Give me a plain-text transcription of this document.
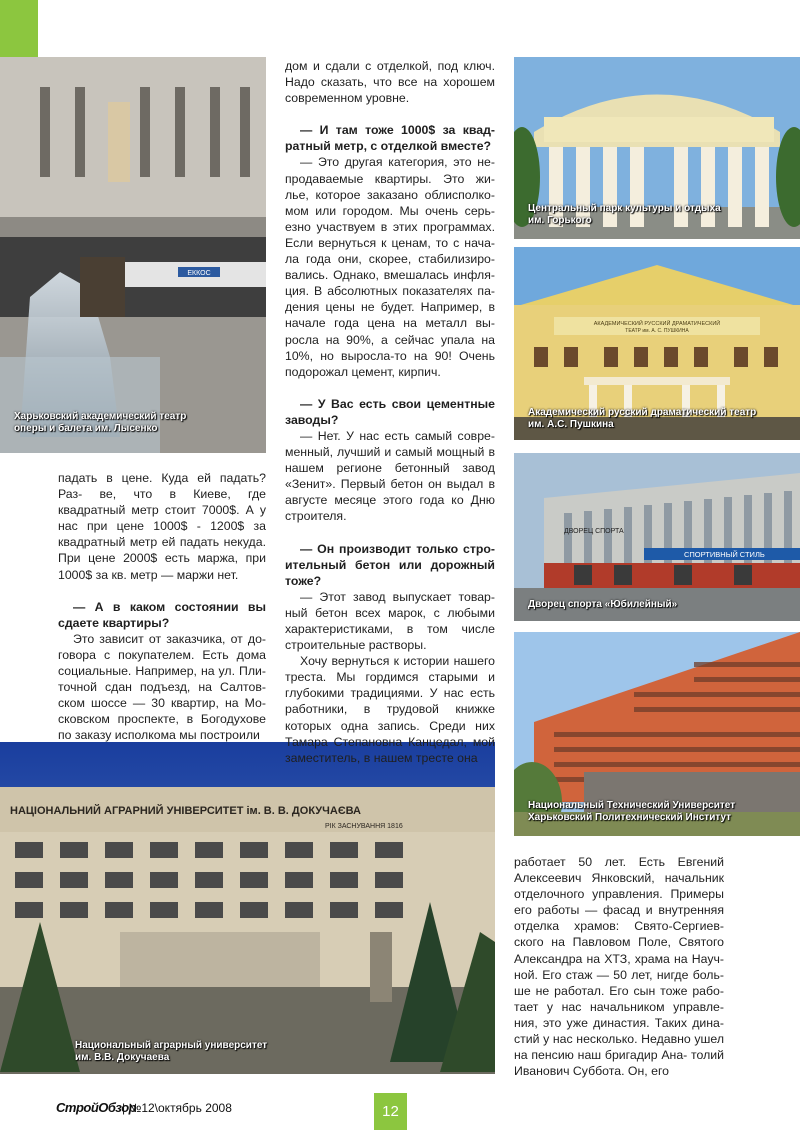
ЕККОС
Харьковский академический театр
оперы и балета им. Лысенко
Центральный парк культуры и отдыха
им. Горького
АКАДЕМИЧЕСКИЙ РУССКИЙ ДРАМАТИЧЕСКИЙ
ТЕАТР им. А. С. ПУШКИНА
Академический русский драматический театр
им. А.С. Пушкина
ДВОРЕЦ СПОРТА
СПОРТИВНЫЙ СТИЛЬ
Дворец спорта «Юбилейный»
Национальный Технический Университет
Харьковский Политехнический Институт
НАЦІОНАЛЬНИЙ АГРАРНИЙ УНІВЕРСИТЕТ ім. В. В. ДОКУЧАЄВА
РІК ЗАСНУВАННЯ 1816
Национальный аграрный университет
им. В.В. Докучаева

падать в цене. Куда ей падать? Раз- ве, что в Киеве, где квадратный метр стоит 7000$. А у нас при цене 1000$ - 1200$ за квадратный метр ей падать некуда. При цене 2000$ есть маржа, при 1000$ за кв. метр — маржи нет.

— А в каком состоянии вы сдаете квартиры?

Это зависит от заказчика, от до- говора с покупателем. Есть дома социальные. Например, на ул. Пли- точной сдан подъезд, на Салтов- ском шоссе — 30 квартир, на Мо- сковском проспекте, в Богодухове по заказу исполкома мы построили

дом и сдали с отделкой, под ключ. Надо сказать, что все на хорошем современном уровне.

— И там тоже 1000$ за квад- ратный метр, с отделкой вместе?

— Это другая категория, это не- продаваемые квартиры. Это жи- лье, которое заказано облисполко- мом или городом. Мы очень серь- езно участвуем в этих программах. Если вернуться к ценам, то с нача- ла года они, скорее, стабилизиро- вались. Однако, вмешалась инфля- ция. В абсолютных показателях па- дения цены не будет. Например, в начале года цена на металл вы- росла на 90%, а сейчас упала на 10%, но выросла-то на 90! Очень подорожал цемент, кирпич.

— У Вас есть свои цементные заводы?

— Нет. У нас есть самый совре- менный, лучший и самый мощный в нашем регионе бетонный завод «Зенит». Первый бетон он выдал в августе месяце этого года ко Дню строителя.

— Он производит только стро- ительный бетон или дорожный тоже?

— Этот завод выпускает товар- ный бетон всех марок, с любыми характеристиками, в том числе строительные растворы.

Хочу вернуться к истории нашего треста. Мы гордимся старыми и глубокими традициями. У нас есть работники, в трудовой книжке которых одна запись. Среди них Тамара Степановна Канцедал, мой заместитель, в нашем тресте она

работает 50 лет. Есть Евгений Алексеевич Янковский, начальник отделочного управления. Примеры его работы — фасад и внутренняя отделка храмов: Свято-Сергиев- ского на Павловом Поле, Святого Александра на ХТЗ, храма на Науч- ной. Его стаж — 50 лет, нигде боль- ше не работал. Его сын тоже рабо- тает у нас начальником управле- ния, это уже династия. Таких дина- стий у нас несколько. Недавно ушел на пенсию наш бригадир Ана- толий Иванович Суббота. Он, его

СтройОбзор
| №12\октябрь 2008	12
